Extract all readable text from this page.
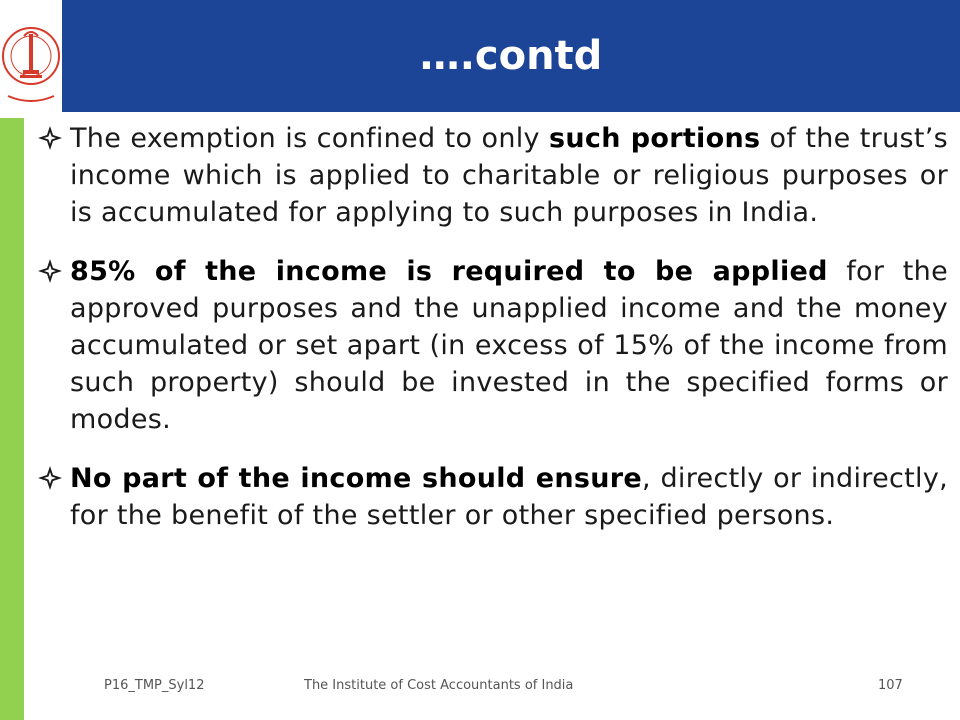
….contd
The exemption is confined to only such portions of the trust’s income which is applied to charitable or religious purposes or is accumulated for applying to such purposes in India.
85% of the income is required to be applied for the approved purposes and the unapplied income and the money accumulated or set apart (in excess of 15% of the income from such property) should be invested in the specified forms or modes.
No part of the income should ensure, directly or indirectly, for the benefit of the settler or other specified persons.
P16_TMP_Syl12	The Institute of Cost Accountants of India	107
